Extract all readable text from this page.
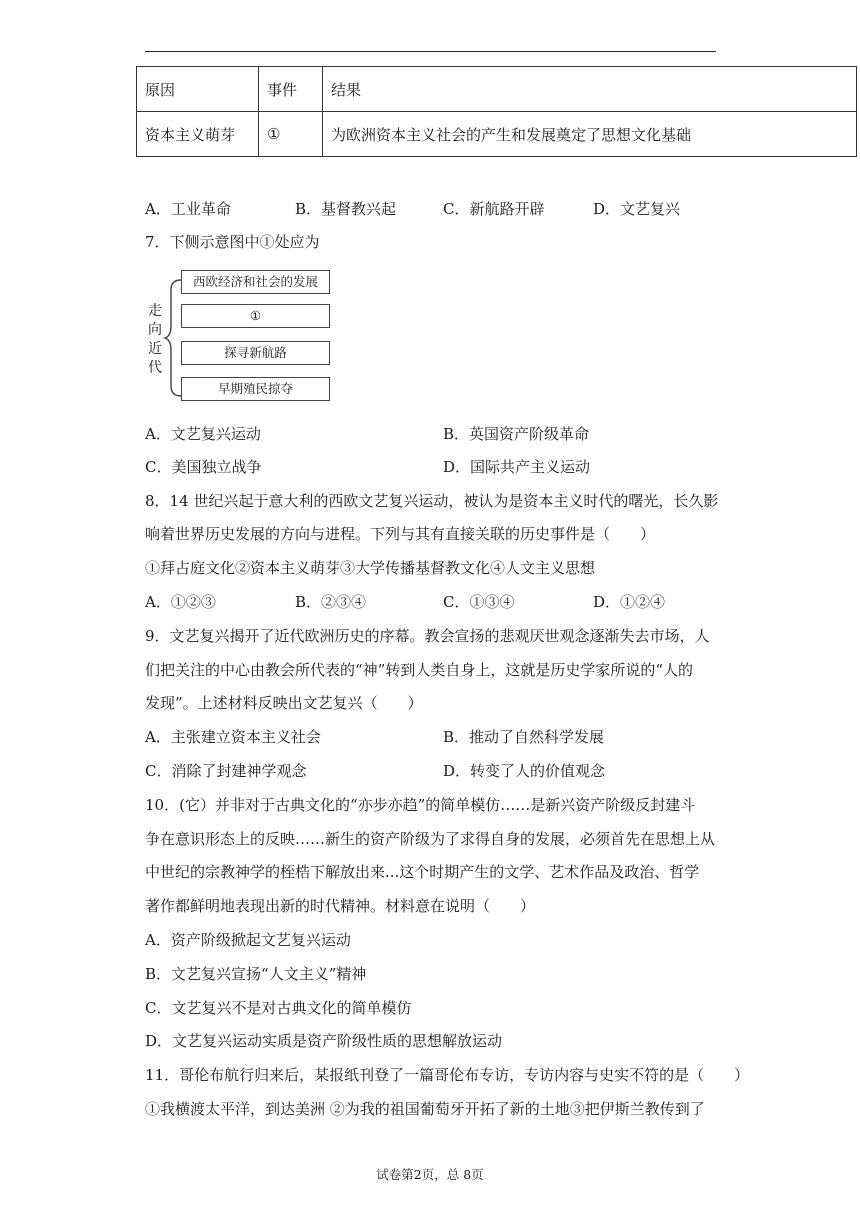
原因	事件	结果
资本主义萌芽	①	为欧洲资本主义社会的产生和发展奠定了思想文化基础
A．工业革命	B．基督教兴起	C．新航路开辟	D．文艺复兴
7．下侧示意图中①处应为
走
向
近
代
西欧经济和社会的发展
①
探寻新航路
早期殖民掠夺
A．文艺复兴运动	B．英国资产阶级革命
C．美国独立战争	D．国际共产主义运动
8．14 世纪兴起于意大利的西欧文艺复兴运动，被认为是资本主义时代的曙光，长久影
响着世界历史发展的方向与进程。下列与其有直接关联的历史事件是（　　）
①拜占庭文化②资本主义萌芽③大学传播基督教文化④人文主义思想
A．①②③	B．②③④	C．①③④	D．①②④
9．文艺复兴揭开了近代欧洲历史的序幕。教会宣扬的悲观厌世观念逐渐失去市场，人
们把关注的中心由教会所代表的“神”转到人类自身上，这就是历史学家所说的“人的
发现”。上述材料反映出文艺复兴（　　）
A．主张建立资本主义社会	B．推动了自然科学发展
C．消除了封建神学观念	D．转变了人的价值观念
10．(它）并非对于古典文化的“亦步亦趋”的简单模仿……是新兴资产阶级反封建斗
争在意识形态上的反映……新生的资产阶级为了求得自身的发展，必须首先在思想上从
中世纪的宗教神学的桎梏下解放出来...这个时期产生的文学、艺术作品及政治、哲学
著作都鲜明地表现出新的时代精神。材料意在说明（　　）
A．资产阶级掀起文艺复兴运动
B．文艺复兴宣扬“人文主义”精神
C．文艺复兴不是对古典文化的简单模仿
D．文艺复兴运动实质是资产阶级性质的思想解放运动
11．哥伦布航行归来后，某报纸刊登了一篇哥伦布专访，专访内容与史实不符的是（　　）
①我横渡太平洋，到达美洲 ②为我的祖国葡萄牙开拓了新的土地③把伊斯兰教传到了
试卷第2页，总 8页
